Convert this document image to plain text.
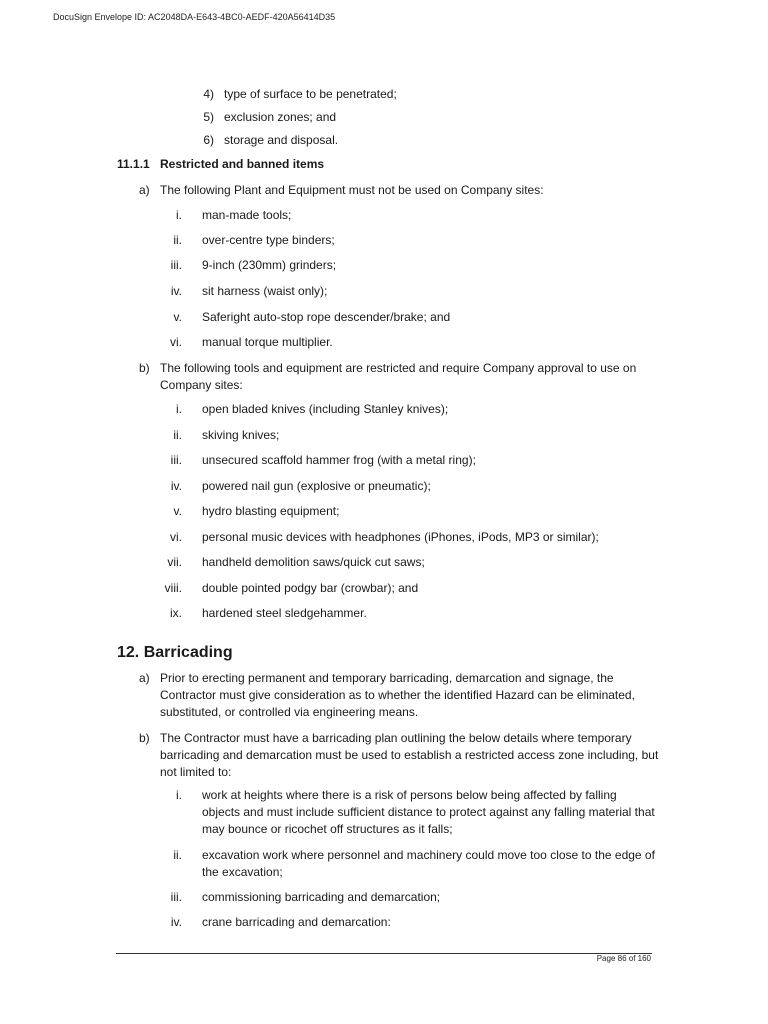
DocuSign Envelope ID: AC2048DA-E643-4BC0-AEDF-420A56414D35
4) type of surface to be penetrated;
5) exclusion zones; and
6) storage and disposal.
11.1.1 Restricted and banned items
a) The following Plant and Equipment must not be used on Company sites:
i. man-made tools;
ii. over-centre type binders;
iii. 9-inch (230mm) grinders;
iv. sit harness (waist only);
v. Saferight auto-stop rope descender/brake; and
vi. manual torque multiplier.
b) The following tools and equipment are restricted and require Company approval to use on
Company sites:
i. open bladed knives (including Stanley knives);
ii. skiving knives;
iii. unsecured scaffold hammer frog (with a metal ring);
iv. powered nail gun (explosive or pneumatic);
v. hydro blasting equipment;
vi. personal music devices with headphones (iPhones, iPods, MP3 or similar);
vii. handheld demolition saws/quick cut saws;
viii. double pointed podgy bar (crowbar); and
ix. hardened steel sledgehammer.
12. Barricading
a) Prior to erecting permanent and temporary barricading, demarcation and signage, the
Contractor must give consideration as to whether the identified Hazard can be eliminated,
substituted, or controlled via engineering means.
b) The Contractor must have a barricading plan outlining the below details where temporary
barricading and demarcation must be used to establish a restricted access zone including, but
not limited to:
i. work at heights where there is a risk of persons below being affected by falling
objects and must include sufficient distance to protect against any falling material that
may bounce or ricochet off structures as it falls;
ii. excavation work where personnel and machinery could move too close to the edge of
the excavation;
iii. commissioning barricading and demarcation;
iv. crane barricading and demarcation:
Page 86 of 160
